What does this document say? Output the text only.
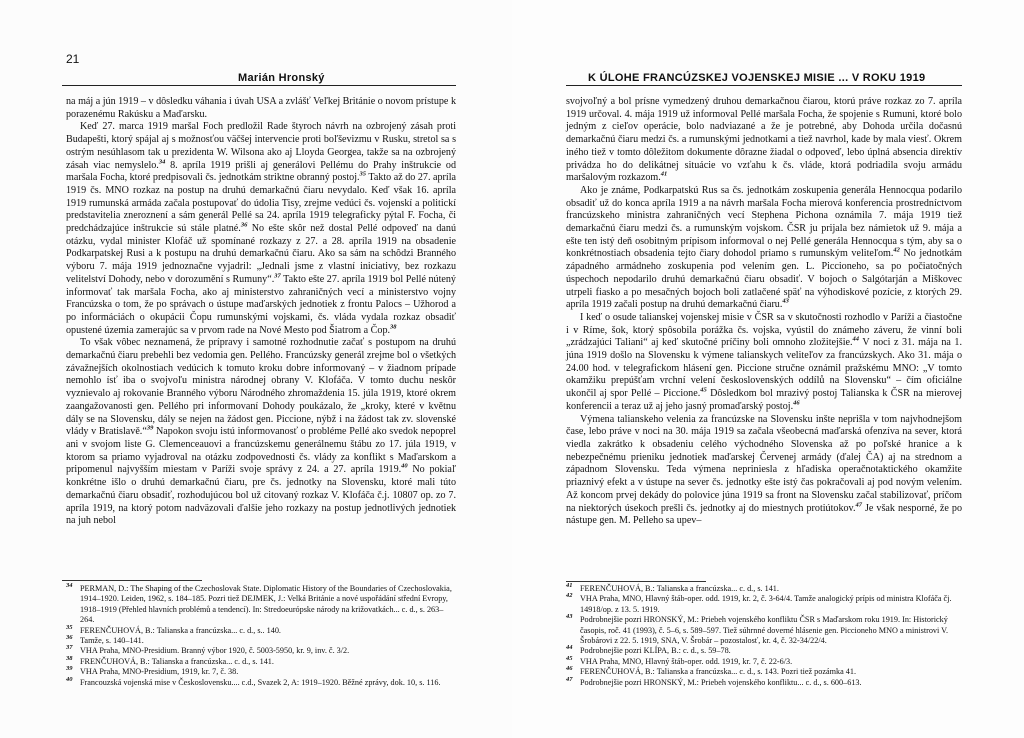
21
Marián Hronský

na máj a jún 1919 – v dôsledku váhania i úvah USA a zvlášť Veľkej Británie o novom prístupe k porazenému Rakúsku a Maďarsku.

Keď 27. marca 1919 maršal Foch predložil Rade štyroch návrh na ozbrojený zásah proti Budapešti, ktorý spájal aj s možnosťou väčšej intervencie proti boľševizmu v Rusku, stretol sa s ostrým nesúhlasom tak u prezidenta W. Wilsona ako aj Lloyda Georgea, takže sa na ozbrojený zásah viac nemyslelo.$^{34}$ 8. apríla 1919 prišli aj generálovi Pellému do Prahy inštrukcie od maršala Focha, ktoré predpisovali čs. jednotkám striktne obranný postoj.$^{35}$ Takto až do 27. apríla 1919 čs. MNO rozkaz na postup na druhú demarkačnú čiaru nevydalo. Keď však 16. apríla 1919 rumunská armáda začala postupovať do údolia Tisy, zrejme vedúci čs. vojenskí a politickí predstavitelia zneroznení a sám generál Pellé sa 24. apríla 1919 telegraficky pýtal F. Focha, či predchádzajúce inštrukcie sú stále platné.$^{36}$ No ešte skôr než dostal Pellé odpoveď na danú otázku, vydal minister Klofáč už spomínané rozkazy z 27. a 28. apríla 1919 na obsadenie Podkarpatskej Rusi a k postupu na druhú demarkačnú čiaru. Ako sa sám na schôdzi Branného výboru 7. mája 1919 jednoznačne vyjadril: „Jednali jsme z vlastní iniciativy, bez rozkazu velitelství Dohody, nebo v dorozumění s Rumuny“.$^{37}$ Takto ešte 27. apríla 1919 bol Pellé nútený informovať tak maršala Focha, ako aj ministerstvo zahraničných vecí a ministerstvo vojny Francúzska o tom, že po správach o ústupe maďarských jednotiek z frontu Palocs – Užhorod a po informáciách o okupácii Čopu rumunskými vojskami, čs. vláda vydala rozkaz obsadiť opustené územia zamerajúc sa v prvom rade na Nové Mesto pod Šiatrom a Čop.$^{38}$

To však vôbec neznamená, že prípravy i samotné rozhodnutie začať s postupom na druhú demarkačnú čiaru prebehli bez vedomia gen. Pellého. Francúzsky generál zrejme bol o všetkých závažnejších okolnostiach vedúcich k tomuto kroku dobre informovaný – v žiadnom prípade nemohlo ísť iba o svojvoľu ministra národnej obrany V. Klofáča. V tomto duchu neskôr vyznievalo aj rokovanie Branného výboru Národného zhromaždenia 15. júla 1919, ktoré okrem zaangažovanosti gen. Pellého pri informovaní Dohody poukázalo, že „kroky, které v květnu dály se na Slovensku, dály se nejen na žádost gen. Piccione, nýbž i na žádost tak zv. slovenské vlády v Bratislavě.“$^{39}$ Napokon svoju istú informovanosť o probléme Pellé ako svedok nepoprel ani v svojom liste G. Clemenceauovi a francúzskemu generálnemu štábu zo 17. júla 1919, v ktorom sa priamo vyjadroval na otázku zodpovednosti čs. vlády za konflikt s Maďarskom a pripomenul najvyšším miestam v Paríži svoje správy z 24. a 27. apríla 1919.40 No pokiaľ konkrétne išlo o druhú demarkačnú čiaru, pre čs. jednotky na Slovensku, ktoré mali túto demarkačnú čiaru obsadiť, rozhodujúcou bol už citovaný rozkaz V. Klofáča č.j. 10807 op. zo 7. apríla 1919, na ktorý potom nadväzovali ďalšie jeho rozkazy na postup jednotlivých jednotiek na juh nebol

34 PERMAN, D.: The Shaping of the Czechoslovak State. Diplomatic History of the Boundaries of Czechoslovakia, 1914–1920. Leiden, 1962, s. 184–185. Pozri tiež DEJMEK, J.: Velká Británie a nové uspořádání střední Evropy, 1918–1919 (Přehled hlavních problémů a tendencí). In: Stredoeurópske národy na križovatkách... c. d., s. 263–264.
35 FERENČUHOVÁ, B.: Talianska a francúzska... c. d., s.. 140.
36 Tamže, s. 140–141.
37 VHA Praha, MNO-Presidium. Branný výbor 1920, č. 5003-5950, kr. 9, inv. č. 3/2.
38 FRENČUHOVÁ, B.: Talianska a francúzska... c. d., s. 141.
39 VHA Praha, MNO-Presidium, 1919, kr. 7, č. 38.
40 Francouzská vojenská mise v Československu.... c.d., Svazek 2, A: 1919–1920. Běžné zprávy, dok. 10, s. 116.
K ÚLOHE FRANCÚZSKEJ VOJENSKEJ MISIE ... V ROKU 1919

svojvoľný a bol prísne vymedzený druhou demarkačnou čiarou, ktorú práve rozkaz zo 7. apríla 1919 určoval. 4. mája 1919 už informoval Pellé maršala Focha, že spojenie s Rumuni, ktoré bolo jedným z cieľov operácie, bolo nadviazané a že je potrebné, aby Dohoda určila dočasnú demarkačnú čiaru medzi čs. a rumunskými jednotkami a tiež navrhol, kade by mala viesť. Okrem iného tiež v tomto dôležitom dokumente dôrazne žiadal o odpoveď, lebo úplná absencia direktív privádza ho do delikátnej situácie vo vzťahu k čs. vláde, ktorá podriadila svoju armádu maršalovým rozkazom.$^{41}$

Ako je známe, Podkarpatskú Rus sa čs. jednotkám zoskupenia generála Hennocqua podarilo obsadiť už do konca apríla 1919 a na návrh maršala Focha mierová konferencia prostredníctvom francúzskeho ministra zahraničných vecí Stephena Pichona oznámila 7. mája 1919 tiež demarkačnú čiaru medzi čs. a rumunským vojskom. ČSR ju prijala bez námietok už 9. mája a ešte ten istý deň osobitným prípisom informoval o nej Pellé generála Hennocqua s tým, aby sa o konkrétnostiach obsadenia tejto čiary dohodol priamo s rumunským veliteľom.$^{42}$ No jednotkám západného armádneho zoskupenia pod velením gen. L. Piccioneho, sa po počiatočných úspechoch nepodarilo druhú demarkačnú čiaru obsadiť. V bojoch o Salgótarján a Miškovec utrpeli fiasko a po mesačných bojoch boli zatlačené späť na výhodiskové pozície, z ktorých 29. apríla 1919 začali postup na druhú demarkačnú čiaru.$^{43}$

I keď o osude talianskej vojenskej misie v ČSR sa v skutočnosti rozhodlo v Paríži a čiastočne i v Ríme, šok, ktorý spôsobila porážka čs. vojska, vyústil do známeho záveru, že vinní boli „zrádzajúci Taliani“ aj keď skutočné príčiny boli omnoho zložitejšie.$^{44}$ V noci z 31. mája na 1. júna 1919 došlo na Slovensku k výmene talianskych veliteľov za francúzskych. Ako 31. mája o 24.00 hod. v telegrafickom hlásení gen. Piccione stručne oznámil pražskému MNO: „V tomto okamžiku prepúšťam vrchní velení československých oddílů na Slovensku“ – čím oficiálne ukončil aj spor Pellé – Piccione.$^{45}$ Dôsledkom bol mrazivý postoj Talianska k ČSR na mierovej konferencii a teraz už aj jeho jasný promaďarský postoj.$^{46}$

Výmena talianskeho velenia za francúzske na Slovensku inšte neprišla v tom najvhodnejšom čase, lebo práve v noci na 30. mája 1919 sa začala všeobecná maďarská ofenzíva na sever, ktorá viedla zakrátko k obsadeniu celého východného Slovenska až po poľské hranice a k nebezpečnému prieniku jednotiek maďarskej Červenej armády (ďalej ČA) aj na strednom a západnom Slovensku. Teda výmena nepriniesla z hľadiska operačnotaktického okamžite priaznivý efekt a v ústupe na sever čs. jednotky ešte istý čas pokračovali aj pod novým velením. Až koncom prvej dekády do polovice júna 1919 sa front na Slovensku začal stabilizovať, príčom na niektorých úsekoch prešli čs. jednotky aj do miestnych protiútokov.$^{47}$ Je však nesporné, že po nástupe gen. M. Pelleho sa upev–

41 FERENČUHOVÁ, B.: Talianska a francúzska... c. d., s. 141.
42 VHA Praha, MNO, Hlavný štáb-oper. odd. 1919, kr. 2, č. 3-64/4. Tamže analogický prípis od ministra Klofáča čj. 14918/op. z 13. 5. 1919.
43 Podrobnejšie pozri HRONSKÝ, M.: Priebeh vojenského konfliktu ČSR s Maďarskom roku 1919. In: Historický časopis, roč. 41 (1993), č. 5–6, s. 589–597. Tiež súhrnné doverné hlásenie gen. Piccioneho MNO a ministrovi V. Šrobárovi z 22. 5. 1919, SNA, V. Šrobár – pozostalosť, kr. 4, č. 32-34/22/4.
44 Podrobnejšie pozri KLÍPA, B.: c. d., s. 59–78.
45 VHA Praha, MNO, Hlavný štáb-oper. odd. 1919, kr. 7, č. 22-6/3.
46 FERENČUHOVÁ, B.: Talianska a francúzska... c. d., s. 143. Pozri tiež pozámka 41.
47 Podrobnejšie pozri HRONSKÝ, M.: Priebeh vojenského konfliktu... c. d., s. 600–613.
